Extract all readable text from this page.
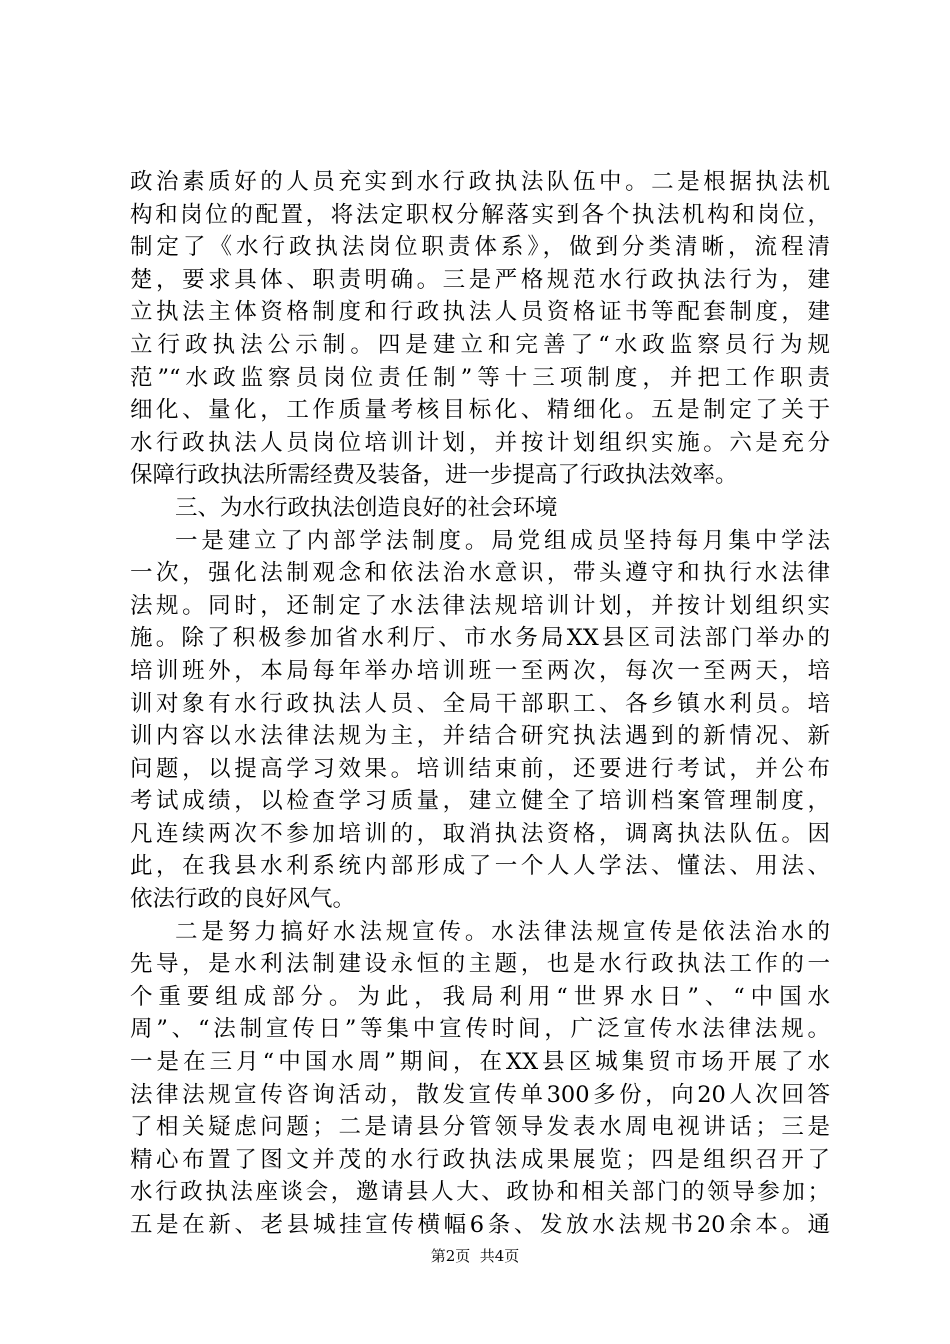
政治素质好的人员充实到水行政执法队伍中。二是根据执法机
构和岗位的配置，将法定职权分解落实到各个执法机构和岗位，
制定了《水行政执法岗位职责体系》，做到分类清晰，流程清
楚，要求具体、职责明确。三是严格规范水行政执法行为，建
立执法主体资格制度和行政执法人员资格证书等配套制度，建
立行政执法公示制。四是建立和完善了“水政监察员行为规
范”“水政监察员岗位责任制”等十三项制度，并把工作职责
细化、量化，工作质量考核目标化、精细化。五是制定了关于
水行政执法人员岗位培训计划，并按计划组织实施。六是充分
保障行政执法所需经费及装备，进一步提高了行政执法效率。
三、为水行政执法创造良好的社会环境
一是建立了内部学法制度。局党组成员坚持每月集中学法
一次，强化法制观念和依法治水意识，带头遵守和执行水法律
法规。同时，还制定了水法律法规培训计划，并按计划组织实
施。除了积极参加省水利厅、市水务局XX县区司法部门举办的
培训班外，本局每年举办培训班一至两次，每次一至两天，培
训对象有水行政执法人员、全局干部职工、各乡镇水利员。培
训内容以水法律法规为主，并结合研究执法遇到的新情况、新
问题，以提高学习效果。培训结束前，还要进行考试，并公布
考试成绩，以检查学习质量，建立健全了培训档案管理制度，
凡连续两次不参加培训的，取消执法资格，调离执法队伍。因
此，在我县水利系统内部形成了一个人人学法、懂法、用法、
依法行政的良好风气。
二是努力搞好水法规宣传。水法律法规宣传是依法治水的
先导，是水利法制建设永恒的主题，也是水行政执法工作的一
个重要组成部分。为此，我局利用“世界水日”、“中国水
周”、“法制宣传日”等集中宣传时间，广泛宣传水法律法规。
一是在三月“中国水周”期间，在XX县区城集贸市场开展了水
法律法规宣传咨询活动，散发宣传单300多份，向20人次回答
了相关疑虑问题；二是请县分管领导发表水周电视讲话；三是
精心布置了图文并茂的水行政执法成果展览；四是组织召开了
水行政执法座谈会，邀请县人大、政协和相关部门的领导参加；
五是在新、老县城挂宣传横幅6条、发放水法规书20余本。通
第2页  共4页
